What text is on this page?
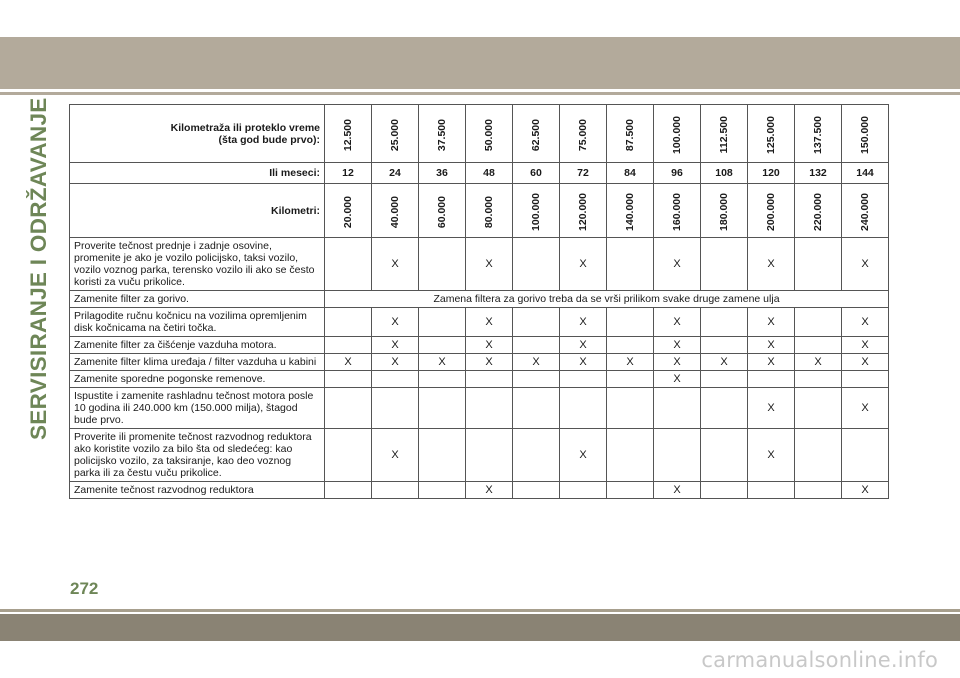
SERVISIRANJE I ODRŽAVANJE	Kilometraža ili proteklo vreme
(šta god bude prvo):	12.500	25.000	37.500	50.000	62.500	75.000	87.500	100.000	112.500	125.000	137.500	150.000
Ili meseci:	12	24	36	48	60	72	84	96	108	120	132	144
Kilometri:	20.000	40.000	60.000	80.000	100.000	120.000	140.000	160.000	180.000	200.000	220.000	240.000
Proverite tečnost prednje i zadnje osovine, promenite je ako je vozilo policijsko, taksi vozilo, vozilo voznog parka, terensko vozilo ili ako se često koristi za vuču prikolice.		X		X		X		X		X		X
Zamenite filter za gorivo.	Zamena filtera za gorivo treba da se vrši prilikom svake druge zamene ulja											
Prilagodite ručnu kočnicu na vozilima opremljenim disk kočnicama na četiri točka.		X		X		X		X		X		X
Zamenite filter za čišćenje vazduha motora.		X		X		X		X		X		X
Zamenite filter klima uređaja / filter vazduha u kabini	X	X	X	X	X	X	X	X	X	X	X	X
Zamenite sporedne pogonske remenove.								X				
Ispustite i zamenite rashladnu tečnost motora posle 10 godina ili 240.000 km (150.000 milja), štagod bude prvo.										X		X
Proverite ili promenite tečnost razvodnog reduktora ako koristite vozilo za bilo šta od sledećeg: kao policijsko vozilo, za taksiranje, kao deo voznog parka ili za čestu vuču prikolice.		X				X				X		
Zamenite tečnost razvodnog reduktora				X				X				X
272
carmanualsonline.info
